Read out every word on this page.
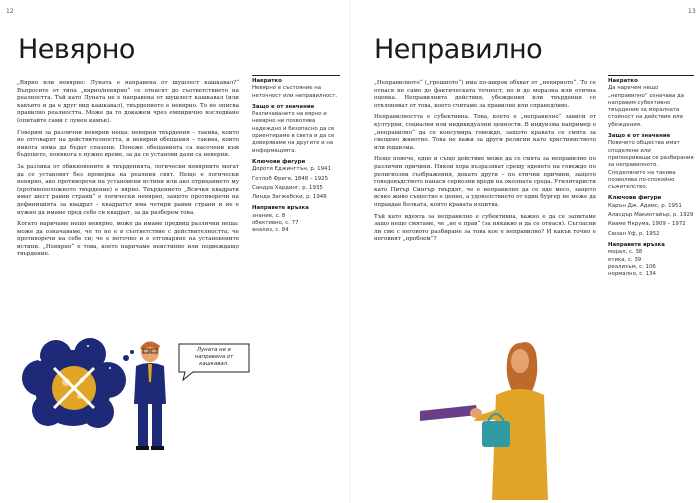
12
Невярно

„Вярно или невярно: Луната е направена от шушлест кашкавал?“ Въпросите от типа „вярно/невярно“ се отнасят до съответствието на реалността. Тъй като Луната не е направена от шушлест кашкавал (или какъвто и да е друг вид кашкавал), твърдението е невярно. То не описва правилно реалността. Може да го докажем чрез емпирично изследване (опитайте сами с лунен камък).

Говорим за различни невярни неща: невярни твърдения – такива, които не отговарят на действителността, и невярни обещания – такива, които никога няма да бъдат спазени. Понеже обещанията са насочени към бъдещето, понякога е нужно време, за да се установи дали са неверни.

За разлика от обикновените и твърденията, логически невярните могат да се установят без проверка на реалния свят. Нещо е логически невярно, ако противоречи на установени истини или ако отрицанието му (противоположното твърдение) е вярно. Твърдението „Всички квадрати имат шест равни страни“ е логически невярно, защото противоречи на дефиницията за квадрат – квадратът има четири равни страни и не е нужно да имаме пред себе си квадрат, за да разберем това.

Когато наричаме нещо невярно, може да имаме предвид различни неща: може да означаваме, че то не е в съответствие с действителността; че противоречи на себе си; че е неточно и е отговаряне на установените истини. „Невярно“ е това, което наричаме неистинно или подвеждащо твърдение.

Накратко
Невярно е състояние на неточност или неправилност.
Защо е от значение
Различаването на вярно и невярно ни позволява надеждно и безопасно да се ориентираме в света и да се доверяваме на другите и на информацията.
Ключови фигури
Дороти Еджингтън, р. 1941
Готлоб Фреге, 1848 – 1925
Сандра Хардинг, р. 1935
Линда Загжебски, р. 1946
Направете връзка
знание, с. 8
обективно, с. 77
анализ, с. 84
Луната не е направена от кашкавал.
13
Неправилно

„Неправилното“ („грешното“) има по-широк обхват от „невярното“. То се отнася не само до фактическата точност, но и до морална или етична оценка. Неправилните действия, убеждения или твърдения се отклоняват от това, което считаме за правилно или справедливо.

Неправилността е субективна. Това, което е „неправилно“ зависи от културни, социални или индивидуални ценности. В индуизма например е „неправилно“ да се консумира говеждо, защото кравата се смята за свещено животно. Това не важи за други религии като християнството или юдаизма.

Нещо повече, едно и също действие може да се смята за неправилно по различни причини. Някои хора възразяват срещу яденето на говеждо по религиозни съображения, докато други – по етични причини, защото говедовъдството нанася сериозни вреди на околната среда. Утилитаристи като Питър Сингър твърдят, че е неправилно да се яде месо, защото всяко живо същество е ценно, а удоволствието от един бургер не може да оправдае болката, която кравата изпитва.

Тъй като идеята за неправилно е субективна, важно е да се запитаме защо нещо смятаме, че „не е прав“ (за някакво и да се отнася). Съгласни ли сме с неговото разбиране за това кое е неправилно? И какъв точно е неговият „проблем“?

Накратко
Да наречем нещо „неправилно“ означава да направим субективно твърдение за моралната стойност на действие или убеждения.
Защо е от значение
Повечето общества имат споделени или припокриващи се разбирания за неправилното. Споделянето на такива позволява по-спокойно съжителство.
Ключови фигури
Карън Дж. Адамс, р. 1951
Аласдър Макинтайър, р. 1929
Кваме Нкрума, 1909 – 1972
Сюзан Уф, р. 1952
Направете връзка
морал, с. 38
етика, с. 39
реализъм, с. 106
нормално, с. 134
